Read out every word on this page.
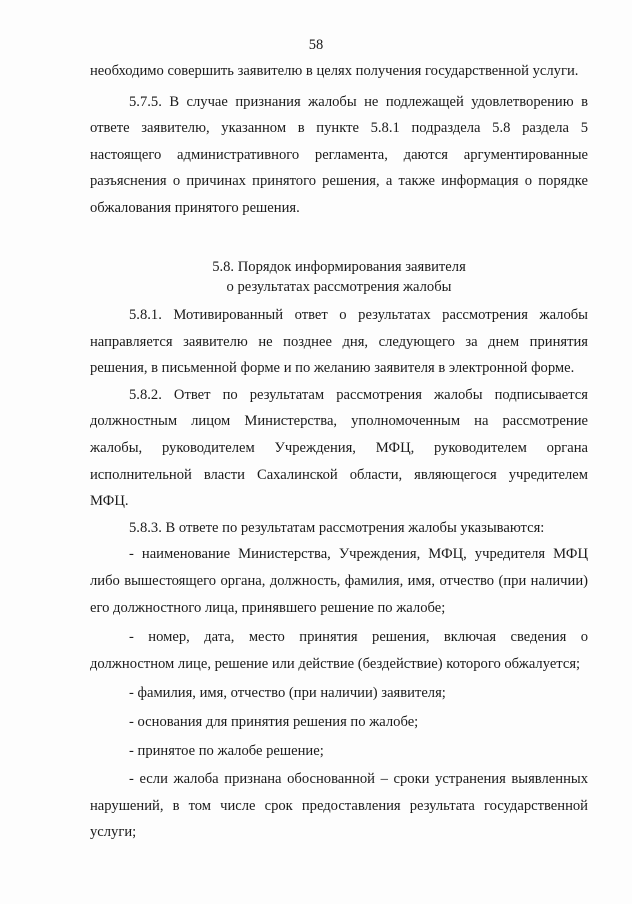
58

необходимо совершить заявителю в целях получения государственной услуги.

5.7.5. В случае признания жалобы не подлежащей удовлетворению в ответе заявителю, указанном в пункте 5.8.1 подраздела 5.8 раздела 5 настоящего административного регламента, даются аргументированные разъяснения о причинах принятого решения, а также информация о порядке обжалования принятого решения.

5.8. Порядок информирования заявителя
о результатах рассмотрения жалобы

5.8.1. Мотивированный ответ о результатах рассмотрения жалобы направляется заявителю не позднее дня, следующего за днем принятия решения, в письменной форме и по желанию заявителя в электронной форме.

5.8.2. Ответ по результатам рассмотрения жалобы подписывается должностным лицом Министерства, уполномоченным на рассмотрение жалобы, руководителем Учреждения, МФЦ, руководителем органа исполнительной власти Сахалинской области, являющегося учредителем МФЦ.

5.8.3. В ответе по результатам рассмотрения жалобы указываются:

- наименование Министерства, Учреждения, МФЦ, учредителя МФЦ либо вышестоящего органа, должность, фамилия, имя, отчество (при наличии) его должностного лица, принявшего решение по жалобе;

- номер, дата, место принятия решения, включая сведения о должностном лице, решение или действие (бездействие) которого обжалуется;

- фамилия, имя, отчество (при наличии) заявителя;

- основания для принятия решения по жалобе;

- принятое по жалобе решение;

- если жалоба признана обоснованной – сроки устранения выявленных нарушений, в том числе срок предоставления результата государственной услуги;
